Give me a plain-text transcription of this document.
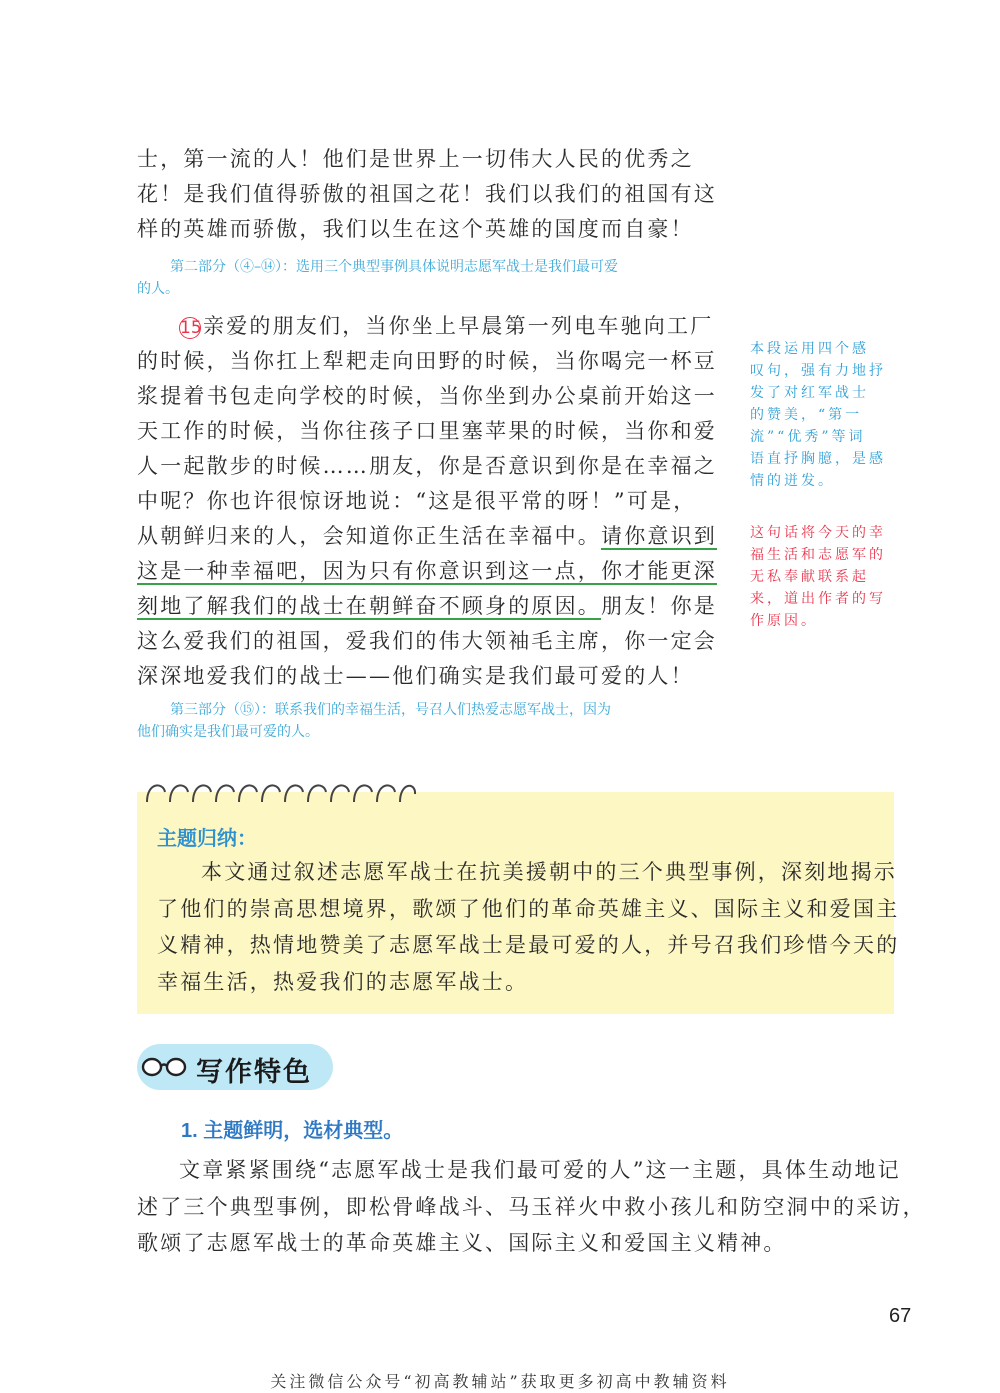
士，第一流的人！他们是世界上一切伟大人民的优秀之
花！是我们值得骄傲的祖国之花！我们以我们的祖国有这
样的英雄而骄傲，我们以生在这个英雄的国度而自豪！
第二部分（④–⑭）：选用三个典型事例具体说明志愿军战士是我们最可爱
的人。
15亲爱的朋友们，当你坐上早晨第一列电车驰向工厂
的时候，当你扛上犁耙走向田野的时候，当你喝完一杯豆
浆提着书包走向学校的时候，当你坐到办公桌前开始这一
天工作的时候，当你往孩子口里塞苹果的时候，当你和爱
人一起散步的时候……朋友，你是否意识到你是在幸福之
中呢？你也许很惊讶地说：“这是很平常的呀！”可是，
从朝鲜归来的人，会知道你正生活在幸福中。请你意识到
这是一种幸福吧，因为只有你意识到这一点，你才能更深
刻地了解我们的战士在朝鲜奋不顾身的原因。朋友！你是
这么爱我们的祖国，爱我们的伟大领袖毛主席，你一定会
深深地爱我们的战士——他们确实是我们最可爱的人！
第三部分（⑮）：联系我们的幸福生活，号召人们热爱志愿军战士，因为
他们确实是我们最可爱的人。
本段运用四个感
叹句，强有力地抒
发了对红军战士
的赞美，“第一
流”“优秀”等词
语直抒胸臆，是感
情的迸发。
这句话将今天的幸
福生活和志愿军的
无私奉献联系起
来，道出作者的写
作原因。
主题归纳：
本文通过叙述志愿军战士在抗美援朝中的三个典型事例，深刻地揭示
了他们的崇高思想境界，歌颂了他们的革命英雄主义、国际主义和爱国主
义精神，热情地赞美了志愿军战士是最可爱的人，并号召我们珍惜今天的
幸福生活，热爱我们的志愿军战士。
写作特色
1. 主题鲜明，选材典型。
文章紧紧围绕“志愿军战士是我们最可爱的人”这一主题，具体生动地记
述了三个典型事例，即松骨峰战斗、马玉祥火中救小孩儿和防空洞中的采访，
歌颂了志愿军战士的革命英雄主义、国际主义和爱国主义精神。
67
关注微信公众号“初高教辅站”获取更多初高中教辅资料
